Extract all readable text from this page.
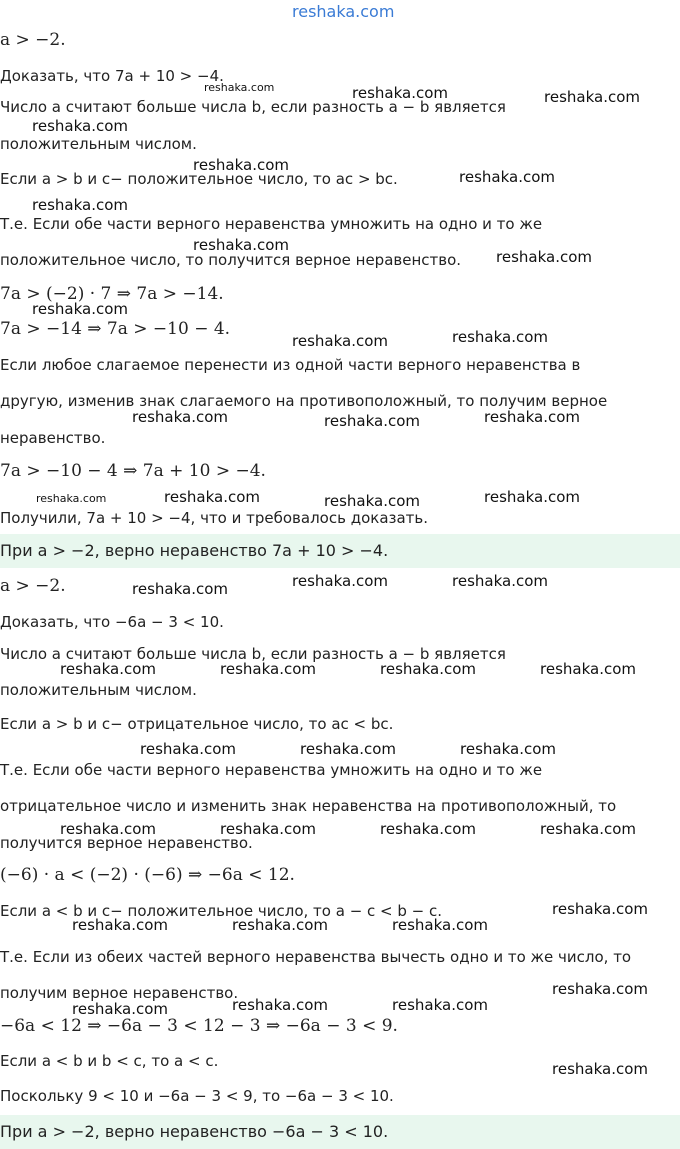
reshaka.com
a > −2.
Доказать, что 7a + 10 > −4.
Число a считают больше числа b, если разность a − b является
положительным числом.
Если a > b и c− положительное число, то ac > bc.
Т.е. Если обе части верного неравенства умножить на одно и то же
положительное число, то получится верное неравенство.
7a > (−2) · 7 ⇒ 7a > −14.
7a > −14 ⇒ 7a > −10 − 4.
Если любое слагаемое перенести из одной части верного неравенства в
другую, изменив знак слагаемого на противоположный, то получим верное
неравенство.
7a > −10 − 4 ⇒ 7a + 10 > −4.
Получили, 7a + 10 > −4, что и требовалось доказать.
При a > −2, верно неравенство 7a + 10 > −4.
a > −2.
Доказать, что −6a − 3 < 10.
Число a считают больше числа b, если разность a − b является
положительным числом.
Если a > b и c− отрицательное число, то ac < bc.
Т.е. Если обе части верного неравенства умножить на одно и то же
отрицательное число и изменить знак неравенства на противоположный, то
получится верное неравенство.
(−6) · a < (−2) · (−6) ⇒ −6a < 12.
Если a < b и c− положительное число, то a − c < b − c.
Т.е. Если из обеих частей верного неравенства вычесть одно и то же число, то
получим верное неравенство.
−6a < 12 ⇒ −6a − 3 < 12 − 3 ⇒ −6a − 3 < 9.
Если a < b и b < c, то a < c.
Поскольку 9 < 10 и −6a − 3 < 9, то −6a − 3 < 10.
При a > −2, верно неравенство −6a − 3 < 10.
reshaka.com	reshaka.com	reshaka.com
reshaka.com
reshaka.com
reshaka.com
reshaka.com
reshaka.com
reshaka.com
reshaka.com
reshaka.com	reshaka.com
reshaka.com	reshaka.com	reshaka.com
reshaka.com	reshaka.com	reshaka.com	reshaka.com
reshaka.com	reshaka.com	reshaka.com
reshaka.com	reshaka.com	reshaka.com	reshaka.com
reshaka.com	reshaka.com	reshaka.com
reshaka.com	reshaka.com	reshaka.com	reshaka.com
reshaka.com
reshaka.com	reshaka.com	reshaka.com
reshaka.com
reshaka.com	reshaka.com	reshaka.com
reshaka.com
